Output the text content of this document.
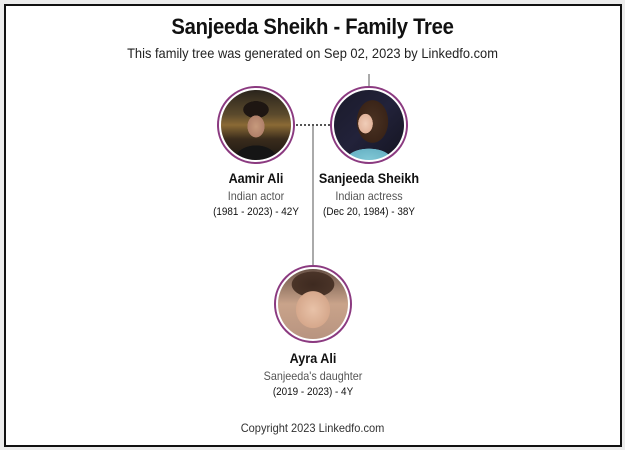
Sanjeeda Sheikh - Family Tree
This family tree was generated on Sep 02, 2023 by Linkedfo.com
Aamir Ali
Indian actor
(1981 - 2023) - 42Y
Sanjeeda Sheikh
Indian actress
(Dec 20, 1984) - 38Y
Ayra Ali
Sanjeeda's daughter
(2019 - 2023) - 4Y
Copyright 2023 Linkedfo.com
